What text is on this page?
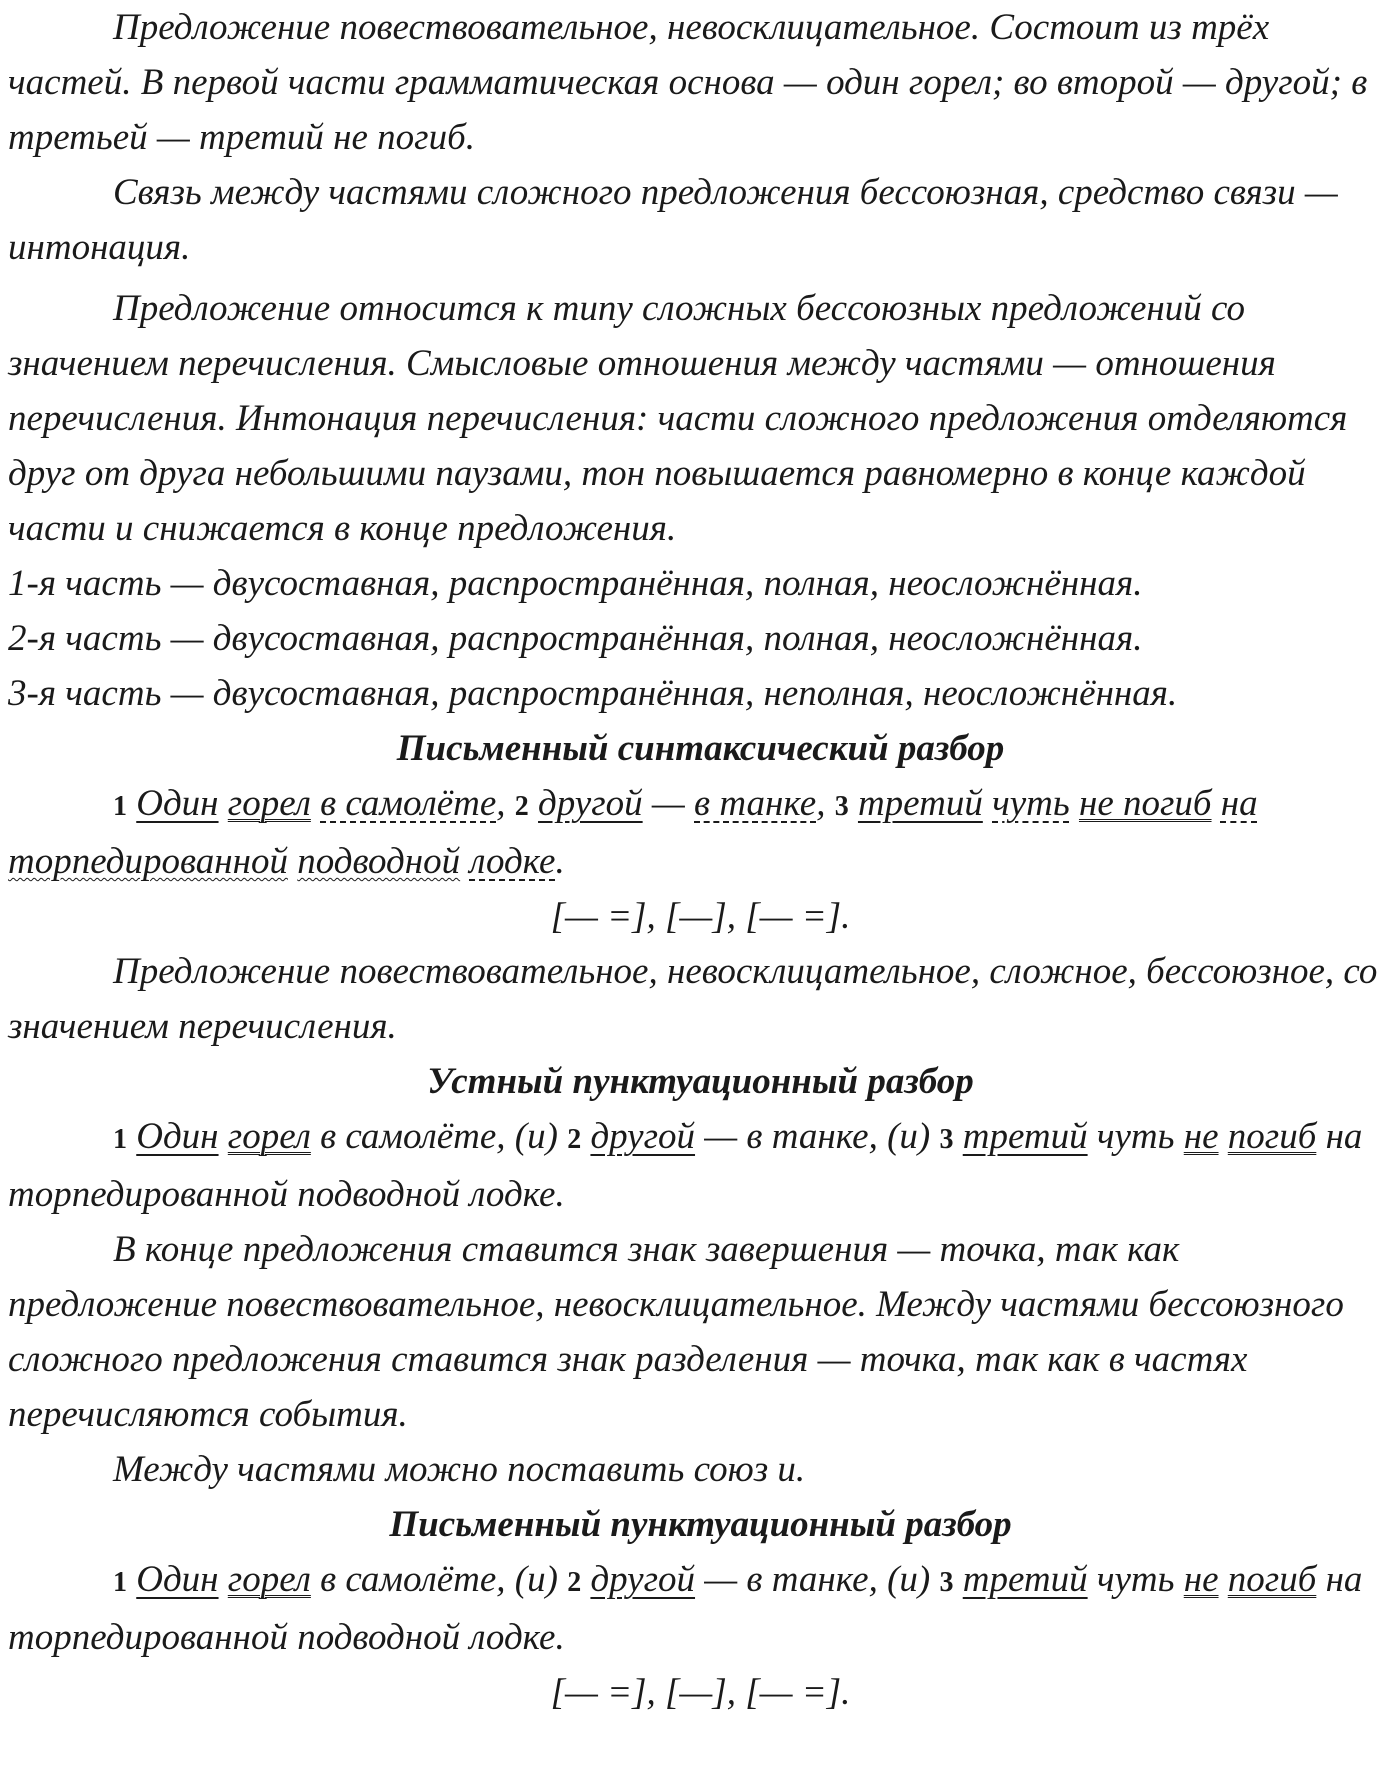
Предложение повествовательное, невосклицательное. Состоит из трёх частей. В первой части грамматическая основа — один горел; во второй — другой; в третьей — третий не погиб.

Связь между частями сложного предложения бессоюзная, средство связи — интонация.

Предложение относится к типу сложных бессоюзных предложений со значением перечисления. Смысловые отношения между частями — отношения перечисления. Интонация перечисления: части сложного предложения отделяются друг от друга небольшими паузами, тон повышается равномерно в конце каждой части и снижается в конце предложения.

1-я часть — двусоставная, распространённая, полная, неосложнённая.

2-я часть — двусоставная, распространённая, полная, неосложнённая.

3-я часть — двусоставная, распространённая, неполная, неосложнённая.

Письменный синтаксический разбор

1 Один горел в самолёте, 2 другой — в танке, 3 третий чуть не погиб на торпедированной подводной лодке.

[— =], [—], [— =].

Предложение повествовательное, невосклицательное, сложное, бессоюзное, со значением перечисления.

Устный пунктуационный разбор

1 Один горел в самолёте, (и) 2 другой — в танке, (и) 3 третий чуть не погиб на торпедированной подводной лодке.

В конце предложения ставится знак завершения — точка, так как предложение повествовательное, невосклицательное. Между частями бессоюзного сложного предложения ставится знак разделения — точка, так как в частях перечисляются события.

Между частями можно поставить союз и.

Письменный пунктуационный разбор

1 Один горел в самолёте, (и) 2 другой — в танке, (и) 3 третий чуть не погиб на торпедированной подводной лодке.

[— =], [—], [— =].
